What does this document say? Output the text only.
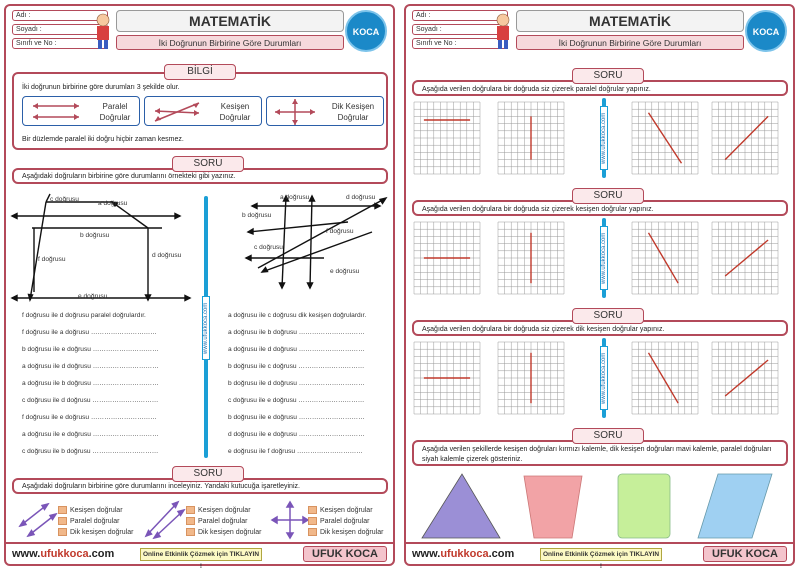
Adı :
Soyadı :
Sınıfı ve No :
MATEMATİK
İki Doğrunun Birbirine Göre Durumları
KOCA
İki doğrunun birbirine göre durumları 3 şekilde olur.
Paralel
Doğrular
Kesişen
Doğrular
Dik Kesişen
Doğrular
Bir düzlemde paralel iki doğru hiçbir zaman kesmez.
BİLGİ
Aşağıdaki doğruların birbirine göre durumlarını örnekteki gibi yazınız.
SORU
c doğrusu
a doğrusu
b doğrusu
f doğrusu
d doğrusu
e doğrusu
a doğrusu	d doğrusu
b doğrusu
f doğrusu
c doğrusu
e doğrusu
www.ufukkoca.com
f doğrusu ile d doğrusu paralel doğrulardır.
f doğrusu ile a doğrusu …………………………
b doğrusu ile e doğrusu …………………………
a doğrusu ile d doğrusu …………………………
a doğrusu ile b doğrusu …………………………
c doğrusu ile d doğrusu …………………………
f doğrusu ile e doğrusu …………………………
a doğrusu ile e doğrusu …………………………
c doğrusu ile b doğrusu …………………………
a doğrusu ile c doğrusu dik kesişen doğrulardır.
a doğrusu ile b doğrusu …………………………
a doğrusu ile d doğrusu …………………………
b doğrusu ile c doğrusu …………………………
b doğrusu ile d doğrusu …………………………
c doğrusu ile e doğrusu …………………………
b doğrusu ile e doğrusu …………………………
d doğrusu ile e doğrusu …………………………
e doğrusu ile f doğrusu …………………………
Aşağıdaki doğruların birbirine göre durumlarını inceleyiniz. Yandaki kutucuğa işaretleyiniz.
SORU
Kesişen doğrular
Paralel doğrular
Dik kesişen doğrular
Kesişen doğrular
Paralel doğrular
Dik kesişen doğrular
Kesişen doğrular
Paralel doğrular
Dik kesişen doğrular
www.ufukkoca.com	Online Etkinlik Çözmek için TIKLAYIN !
UFUK KOCA
Adı :
Soyadı :
Sınıfı ve No :
MATEMATİK
İki Doğrunun Birbirine Göre Durumları
KOCA
Aşağıda verilen doğrulara bir doğruda siz çizerek paralel doğrular yapınız.
SORU
www.ufukkoca.com
Aşağıda verilen doğrulara bir doğruda siz çizerek kesişen doğrular yapınız.
SORU
www.ufukkoca.com
Aşağıda verilen doğrulara bir doğruda siz çizerek dik kesişen doğrular yapınız.
SORU
www.ufukkoca.com
Aşağıda verilen şekillerde kesişen doğruları kırmızı kalemle, dik kesişen doğruları mavi kalemle, paralel doğruları siyah kalemle çizerek gösteriniz.
SORU
www.ufukkoca.com	Online Etkinlik Çözmek için TIKLAYIN !
UFUK KOCA
